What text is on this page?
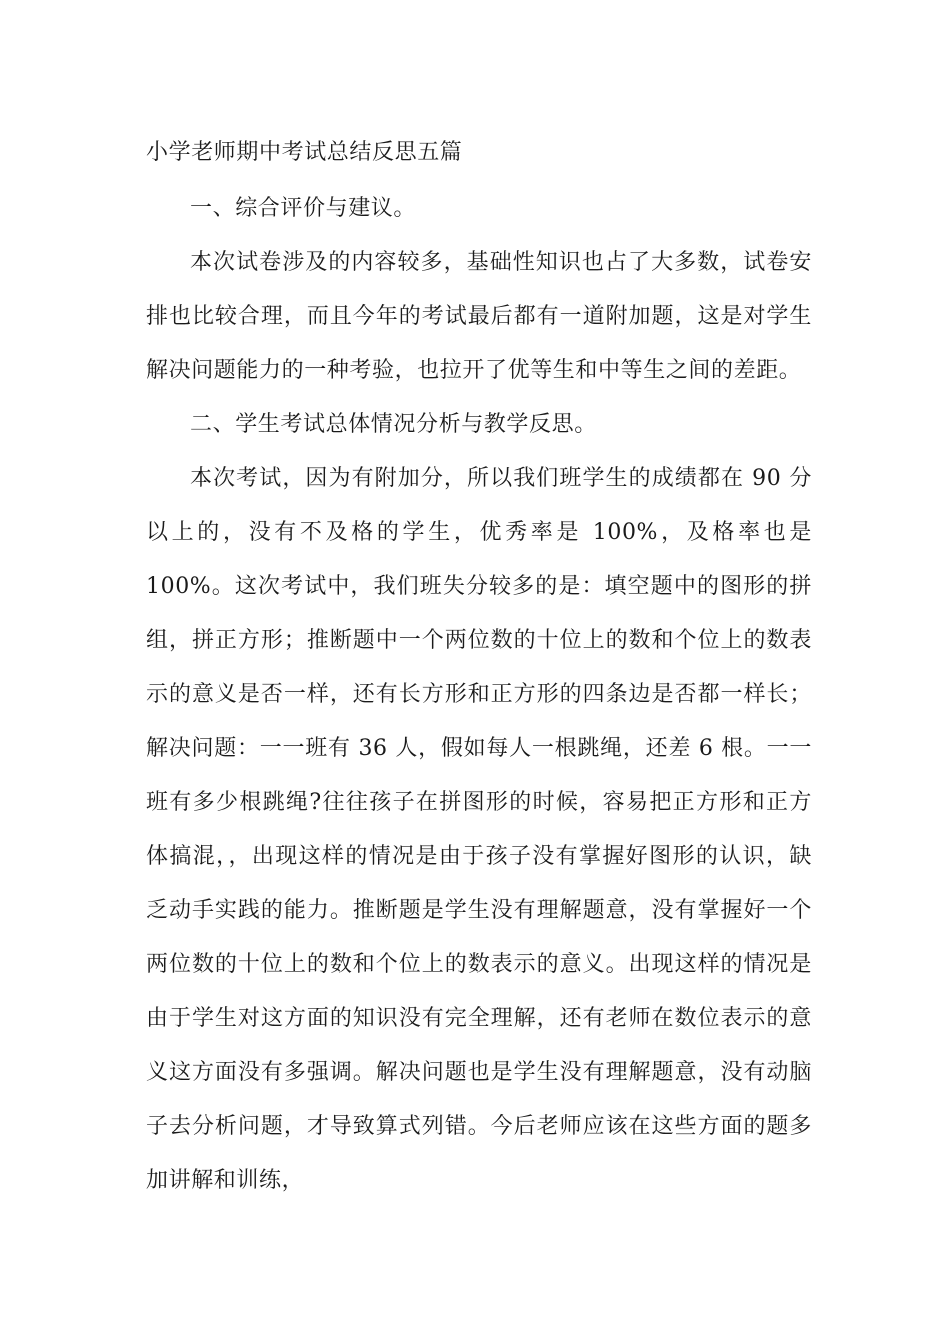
小学老师期中考试总结反思五篇

一、综合评价与建议。

本次试卷涉及的内容较多，基础性知识也占了大多数，试卷安排也比较合理，而且今年的考试最后都有一道附加题，这是对学生解决问题能力的一种考验，也拉开了优等生和中等生之间的差距。

二、学生考试总体情况分析与教学反思。

本次考试，因为有附加分，所以我们班学生的成绩都在 90 分以上的，没有不及格的学生，优秀率是 100%，及格率也是 100%。这次考试中，我们班失分较多的是：填空题中的图形的拼组，拼正方形；推断题中一个两位数的十位上的数和个位上的数表示的意义是否一样，还有长方形和正方形的四条边是否都一样长；解决问题：一一班有 36 人，假如每人一根跳绳，还差 6 根。一一班有多少根跳绳?往往孩子在拼图形的时候，容易把正方形和正方体搞混，，出现这样的情况是由于孩子没有掌握好图形的认识，缺乏动手实践的能力。推断题是学生没有理解题意，没有掌握好一个两位数的十位上的数和个位上的数表示的意义。出现这样的情况是由于学生对这方面的知识没有完全理解，还有老师在数位表示的意义这方面没有多强调。解决问题也是学生没有理解题意，没有动脑子去分析问题，才导致算式列错。今后老师应该在这些方面的题多加讲解和训练，
